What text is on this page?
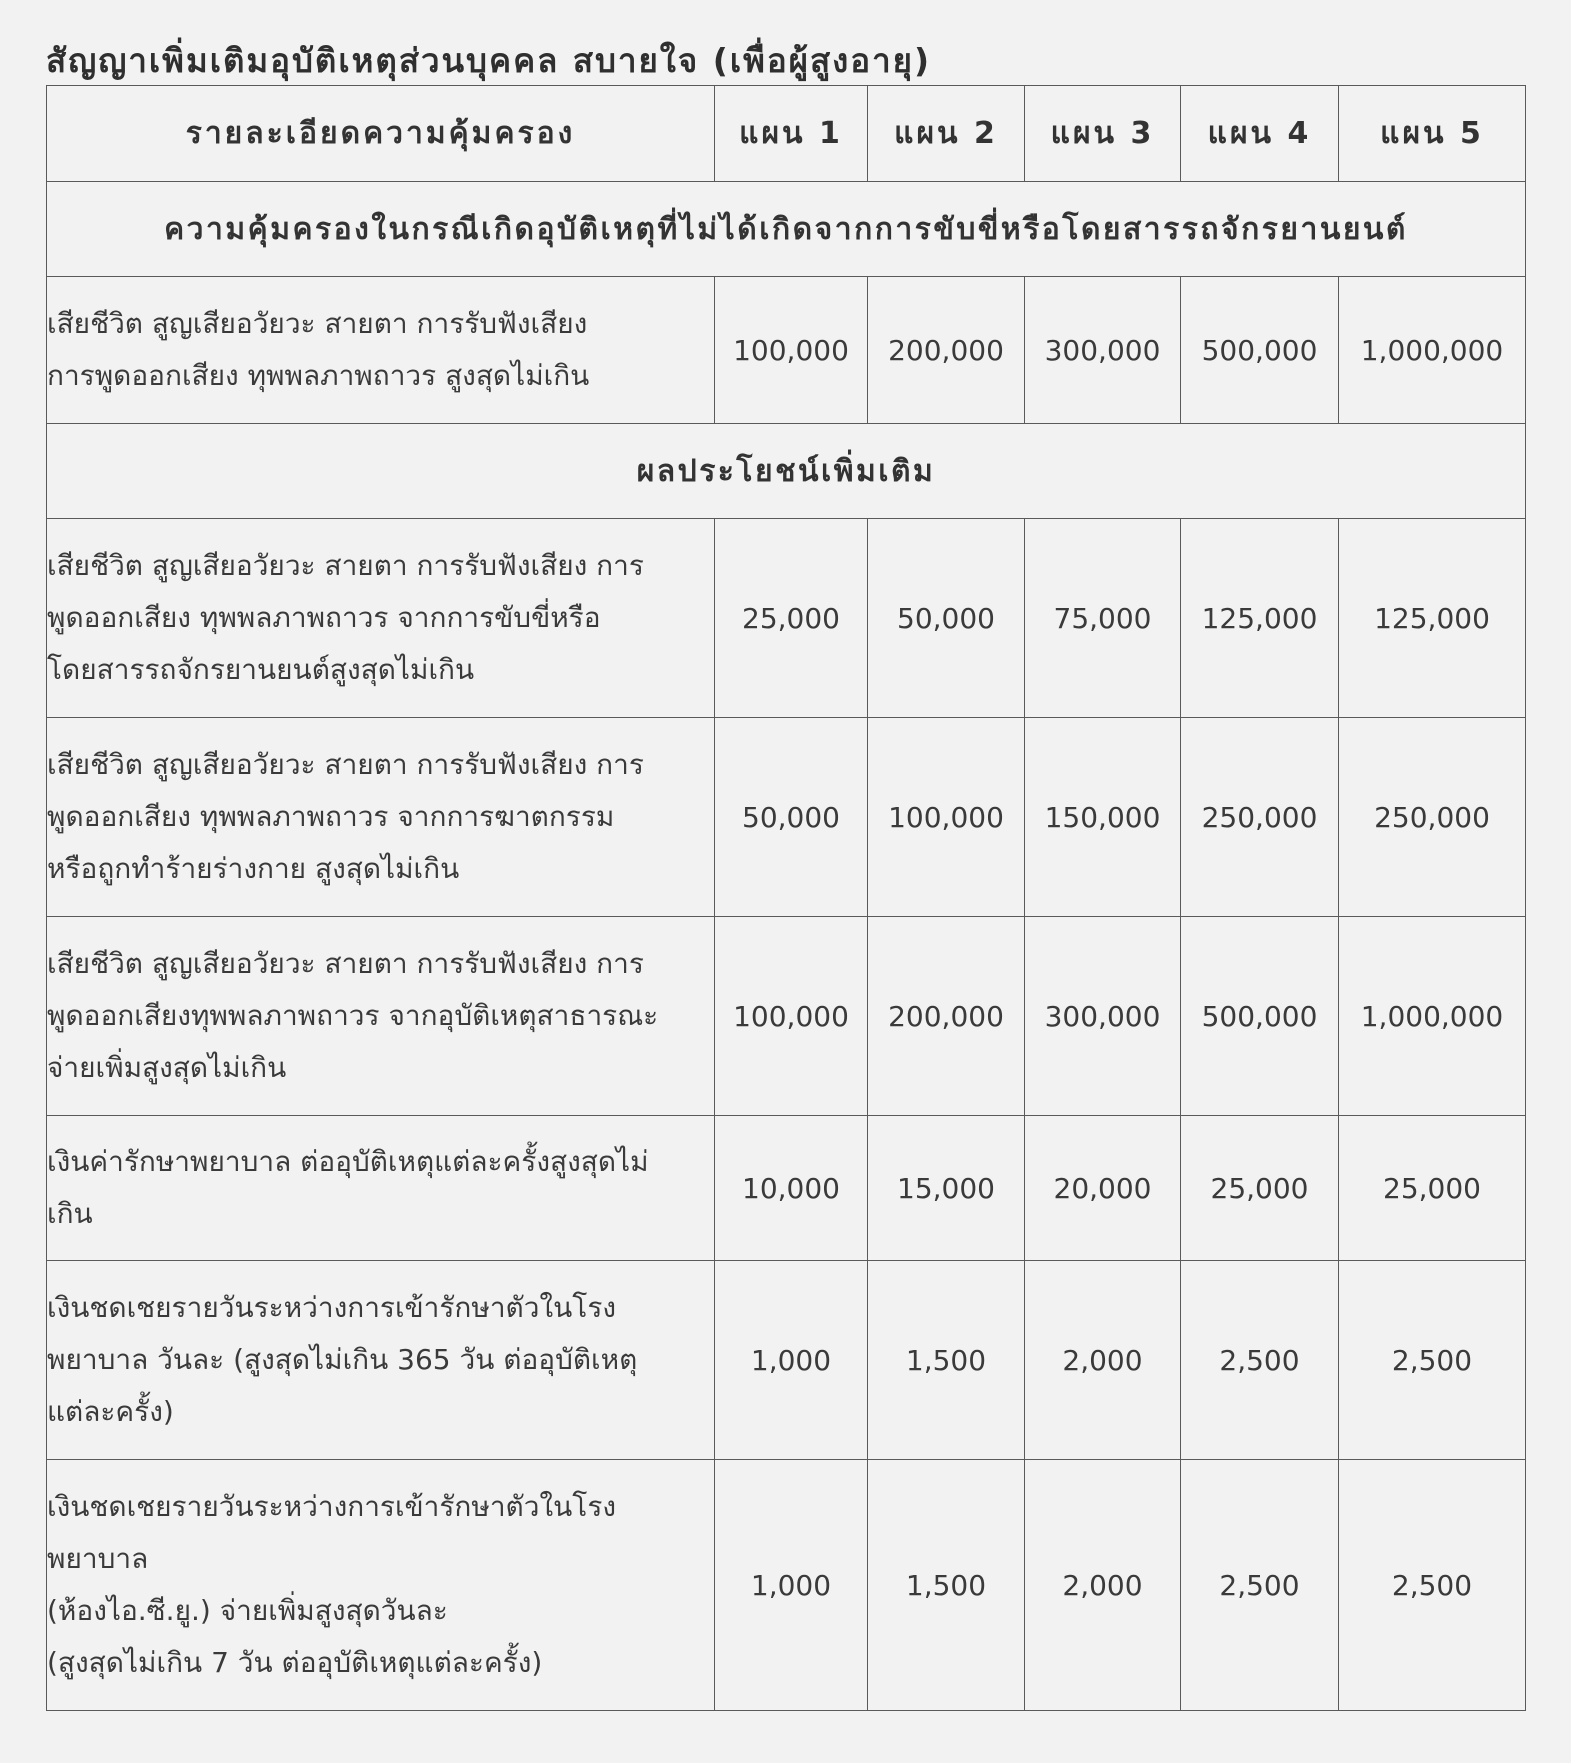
สัญญาเพิ่มเติมอุบัติเหตุส่วนบุคคล สบายใจ (เพื่อผู้สูงอายุ)
รายละเอียดความคุ้มครอง	แผน 1	แผน 2	แผน 3	แผน 4	แผน 5
ความคุ้มครองในกรณีเกิดอุบัติเหตุที่ไม่ได้เกิดจากการขับขี่หรือโดยสารรถจักรยานยนต์					
เสียชีวิต สูญเสียอวัยวะ สายตา การรับฟังเสียง
การพูดออกเสียง ทุพพลภาพถาวร สูงสุดไม่เกิน	100,000	200,000	300,000	500,000	1,000,000
ผลประโยชน์เพิ่มเติม					
เสียชีวิต สูญเสียอวัยวะ สายตา การรับฟังเสียง การ
พูดออกเสียง ทุพพลภาพถาวร จากการขับขี่หรือ
โดยสารรถจักรยานยนต์สูงสุดไม่เกิน	25,000	50,000	75,000	125,000	125,000
เสียชีวิต สูญเสียอวัยวะ สายตา การรับฟังเสียง การ
พูดออกเสียง ทุพพลภาพถาวร จากการฆาตกรรม
หรือถูกทำร้ายร่างกาย สูงสุดไม่เกิน	50,000	100,000	150,000	250,000	250,000
เสียชีวิต สูญเสียอวัยวะ สายตา การรับฟังเสียง การ
พูดออกเสียงทุพพลภาพถาวร จากอุบัติเหตุสาธารณะ
จ่ายเพิ่มสูงสุดไม่เกิน	100,000	200,000	300,000	500,000	1,000,000
เงินค่ารักษาพยาบาล ต่ออุบัติเหตุแต่ละครั้งสูงสุดไม่
เกิน	10,000	15,000	20,000	25,000	25,000
เงินชดเชยรายวันระหว่างการเข้ารักษาตัวในโรง
พยาบาล วันละ (สูงสุดไม่เกิน 365 วัน ต่ออุบัติเหตุ
แต่ละครั้ง)	1,000	1,500	2,000	2,500	2,500
เงินชดเชยรายวันระหว่างการเข้ารักษาตัวในโรง
พยาบาล
(ห้องไอ.ซี.ยู.) จ่ายเพิ่มสูงสุดวันละ
(สูงสุดไม่เกิน 7 วัน ต่ออุบัติเหตุแต่ละครั้ง)	1,000	1,500	2,000	2,500	2,500
